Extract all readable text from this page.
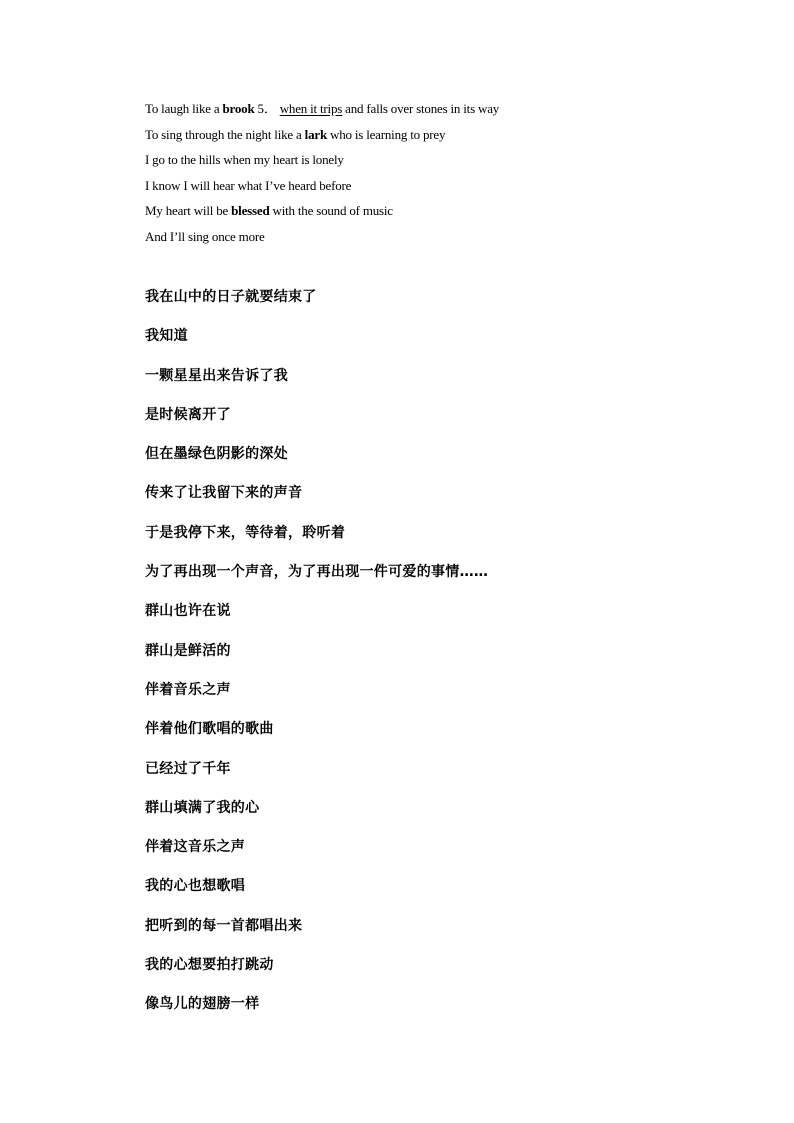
To laugh like a brook 5． when it trips and falls over stones in its way
To sing through the night like a lark who is learning to prey
I go to the hills when my heart is lonely
I know I will hear what I’ve heard before
My heart will be blessed with the sound of music
And I’ll sing once more
我在山中的日子就要结束了
我知道
一颗星星出来告诉了我
是时候离开了
但在墨绿色阴影的深处
传来了让我留下来的声音
于是我停下来，等待着，聆听着
为了再出现一个声音，为了再出现一件可爱的事情……
群山也许在说
群山是鲜活的
伴着音乐之声
伴着他们歌唱的歌曲
已经过了千年
群山填满了我的心
伴着这音乐之声
我的心也想歌唱
把听到的每一首都唱出来
我的心想要拍打跳动
像鸟儿的翅膀一样
